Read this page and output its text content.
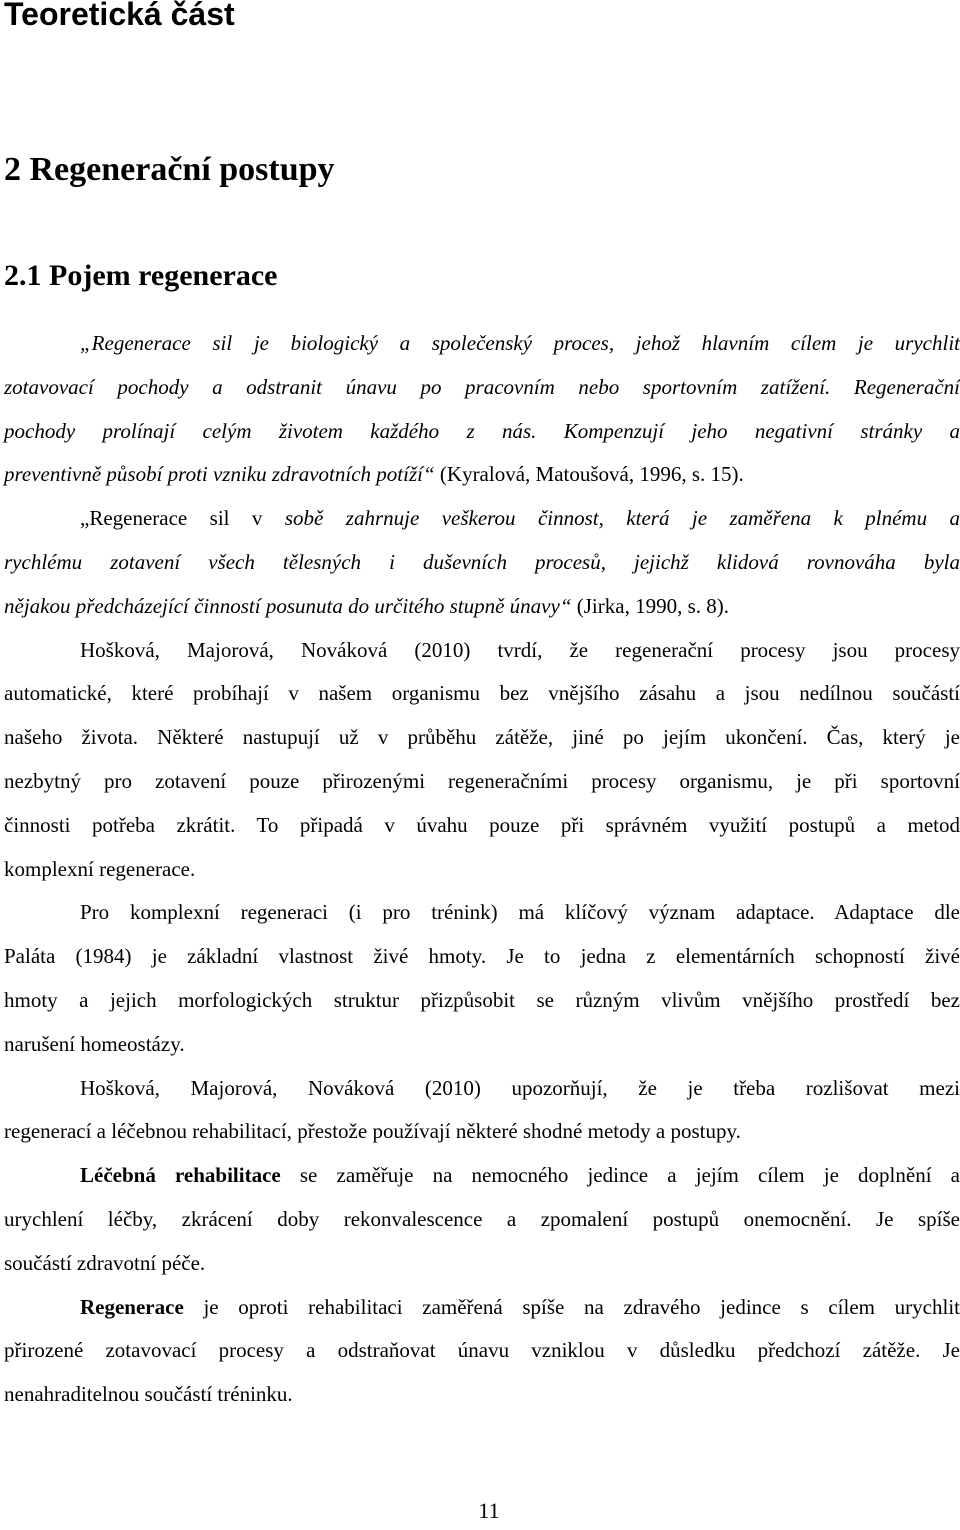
Teoretická část
2 Regenerační postupy
2.1 Pojem regenerace

„Regenerace sil je biologický a společenský proces, jehož hlavním cílem je urychlit
zotavovací pochody a odstranit únavu po pracovním nebo sportovním zatížení. Regenerační
pochody prolínají celým životem každého z nás. Kompenzují jeho negativní stránky a
preventivně působí proti vzniku zdravotních potíží“ (Kyralová, Matoušová, 1996, s. 15).

„Regenerace sil v sobě zahrnuje veškerou činnost, která je zaměřena k plnému a
rychlému zotavení všech tělesných i duševních procesů, jejichž klidová rovnováha byla
nějakou předcházející činností posunuta do určitého stupně únavy“ (Jirka, 1990, s. 8).

Hošková, Majorová, Nováková (2010) tvrdí, že regenerační procesy jsou procesy
automatické, které probíhají v našem organismu bez vnějšího zásahu a jsou nedílnou součástí
našeho života. Některé nastupují už v průběhu zátěže, jiné po jejím ukončení. Čas, který je
nezbytný pro zotavení pouze přirozenými regeneračními procesy organismu, je při sportovní
činnosti potřeba zkrátit. To připadá v úvahu pouze při správném využití postupů a metod
komplexní regenerace.

Pro komplexní regeneraci (i pro trénink) má klíčový význam adaptace. Adaptace dle
Paláta (1984) je základní vlastnost živé hmoty. Je to jedna z elementárních schopností živé
hmoty a jejich morfologických struktur přizpůsobit se různým vlivům vnějšího prostředí bez
narušení homeostázy.

Hošková, Majorová, Nováková (2010) upozorňují, že je třeba rozlišovat mezi
regenerací a léčebnou rehabilitací, přestože používají některé shodné metody a postupy.

Léčebná rehabilitace se zaměřuje na nemocného jedince a jejím cílem je doplnění a
urychlení léčby, zkrácení doby rekonvalescence a zpomalení postupů onemocnění. Je spíše
součástí zdravotní péče.

Regenerace je oproti rehabilitaci zaměřená spíše na zdravého jedince s cílem urychlit
přirozené zotavovací procesy a odstraňovat únavu vzniklou v důsledku předchozí zátěže. Je
nenahraditelnou součástí tréninku.

11
